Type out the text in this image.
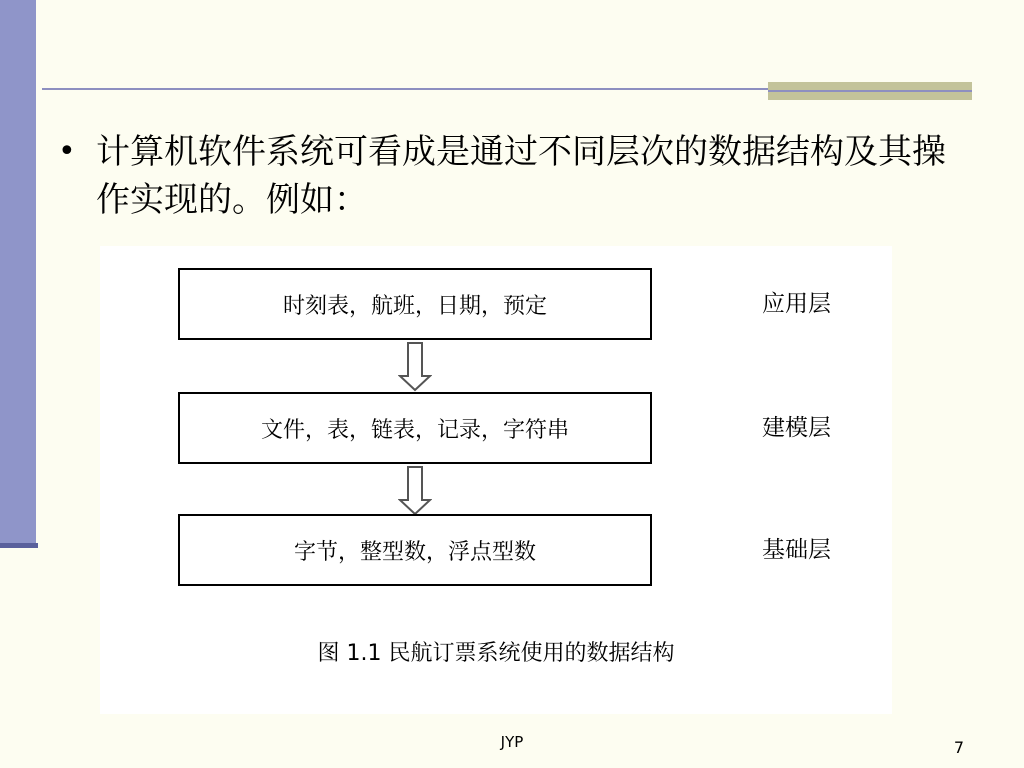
• 计算机软件系统可看成是通过不同层次的数据结构及其操作实现的。例如：
时刻表，航班，日期，预定	应用层
文件，表，链表，记录，字符串	建模层
字节，整型数，浮点型数	基础层
图 1.1 民航订票系统使用的数据结构
JYP	7
